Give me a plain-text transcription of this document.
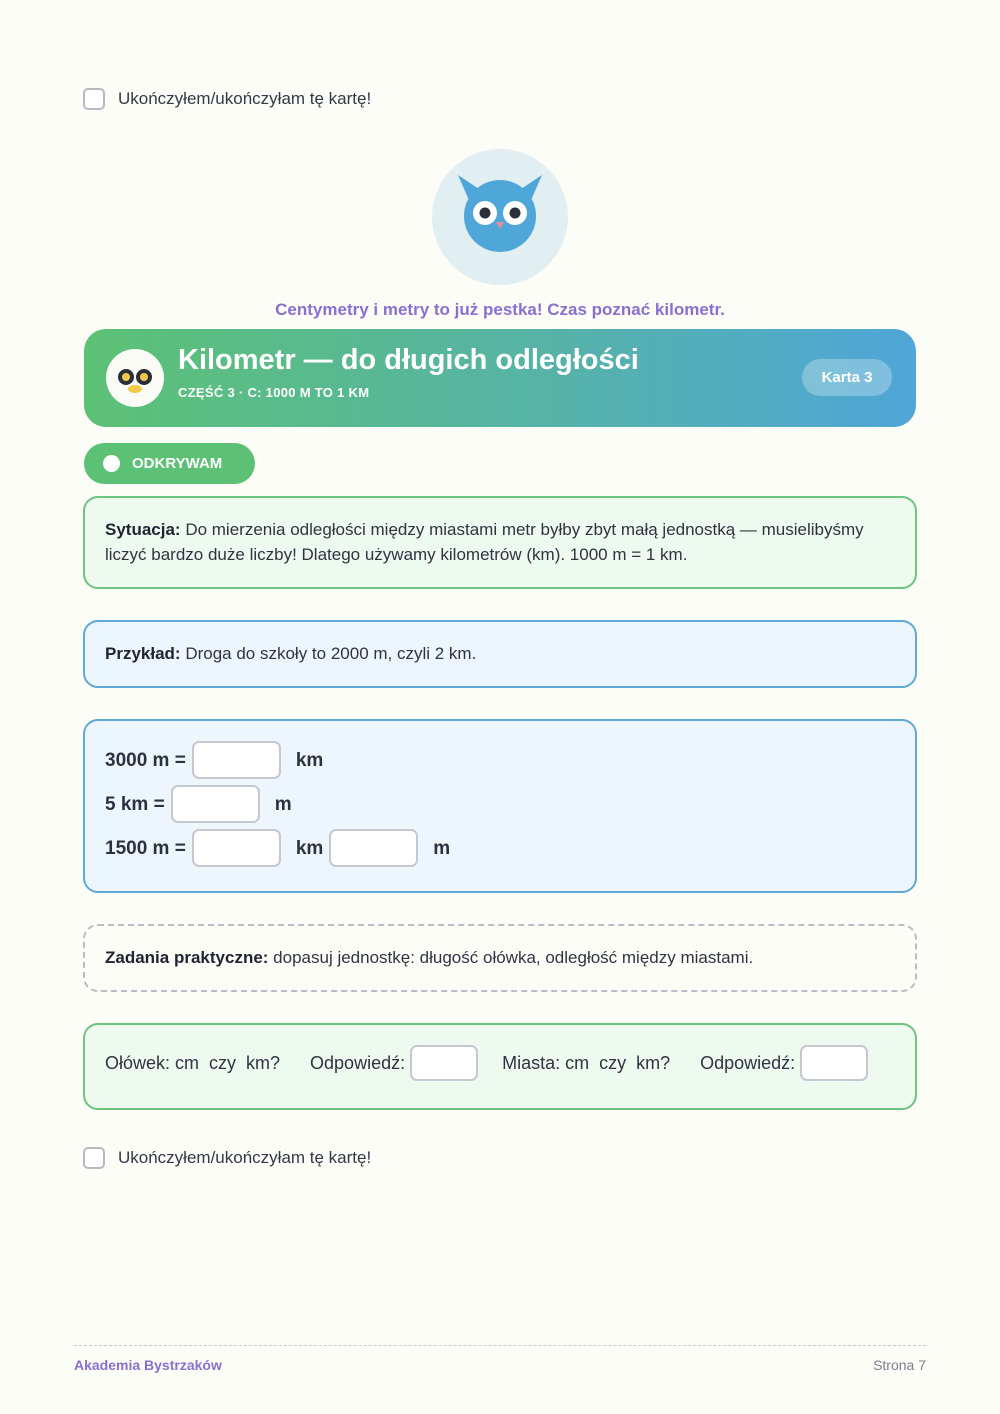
Ukończyłem/ukończyłam tę kartę!
Centymetry i metry to już pestka! Czas poznać kilometr.
Kilometr — do długich odległości
CZĘŚĆ 3 · C: 1000 M TO 1 KM
Karta 3
ODKRYWAM
Sytuacja: Do mierzenia odległości między miastami metr byłby zbyt małą jednostką — musielibyśmy liczyć bardzo duże liczby! Dlatego używamy kilometrów (km). 1000 m = 1 km.
Przykład: Droga do szkoły to 2000 m, czyli 2 km.
3000 m =	km
5 km =	m
1500 m =	km	m
Zadania praktyczne: dopasuj jednostkę: długość ołówka, odległość między miastami.
Ołówek: cm  czy  km? Odpowiedź:	Miasta: cm  czy  km? Odpowiedź:
Ukończyłem/ukończyłam tę kartę!
Akademia Bystrzaków	Strona 7
